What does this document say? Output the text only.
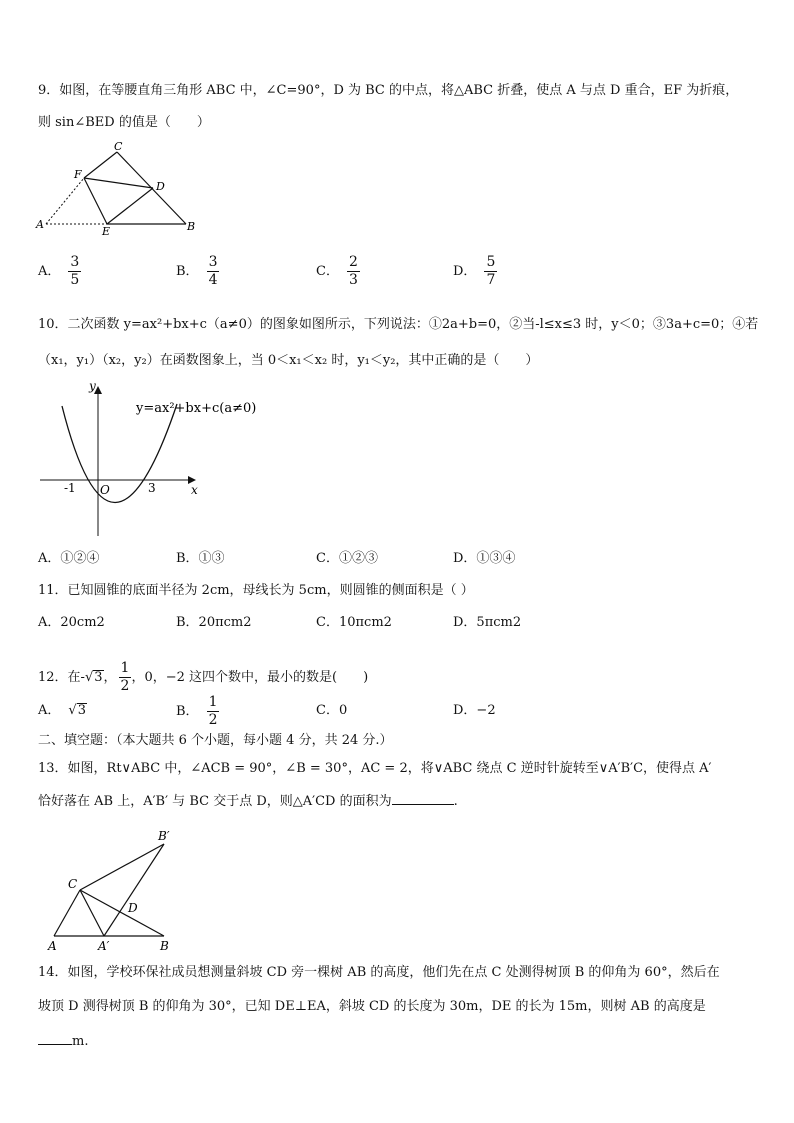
9．如图，在等腰直角三角形 ABC 中，∠C=90°，D 为 BC 的中点，将△ABC 折叠，使点 A 与点 D 重合，EF 为折痕，
则 sin∠BED 的值是（　　）
C
F
D
A
E	B
A． $\frac{3}{5}$	B． $\frac{3}{4}$	C． $\frac{2}{3}$	D． $\frac{5}{7}$
10．二次函数 y=ax²+bx+c（a≠0）的图象如图所示，下列说法：①2a+b=0，②当-l≤x≤3 时，y＜0；③3a+c=0；④若
（x₁，y₁）（x₂，y₂）在函数图象上，当 0＜x₁＜x₂ 时，y₁＜y₂，其中正确的是（　　）
y
x
O
-1	3
y=ax²+bx+c(a≠0)
A．①②④	B．①③	C．①②③	D．①③④
11．已知圆锥的底面半径为 2cm，母线长为 5cm，则圆锥的侧面积是（ ）
A．20cm2	B．20πcm2	C．10πcm2	D．5πcm2
12．在-√3， $\frac{1}{2}$ ，0，−2 这四个数中，最小的数是(　　)
A． √3	B． $\frac{1}{2}$	C．0	D．−2
二、填空题：（本大题共 6 个小题，每小题 4 分，共 24 分.）
13．如图，Rt∨ABC 中，∠ACB = 90°，∠B = 30°，AC = 2，将∨ABC 绕点 C 逆时针旋转至∨A′B′C，使得点 A′
恰好落在 AB 上，A′B′ 与 BC 交于点 D，则△A′CD 的面积为	.
B′
C
D
A	A′	B
14．如图，学校环保社成员想测量斜坡 CD 旁一棵树 AB 的高度，他们先在点 C 处测得树顶 B 的仰角为 60°，然后在
坡顶 D 测得树顶 B 的仰角为 30°，已知 DE⊥EA，斜坡 CD 的长度为 30m，DE 的长为 15m，则树 AB 的高度是
m.
